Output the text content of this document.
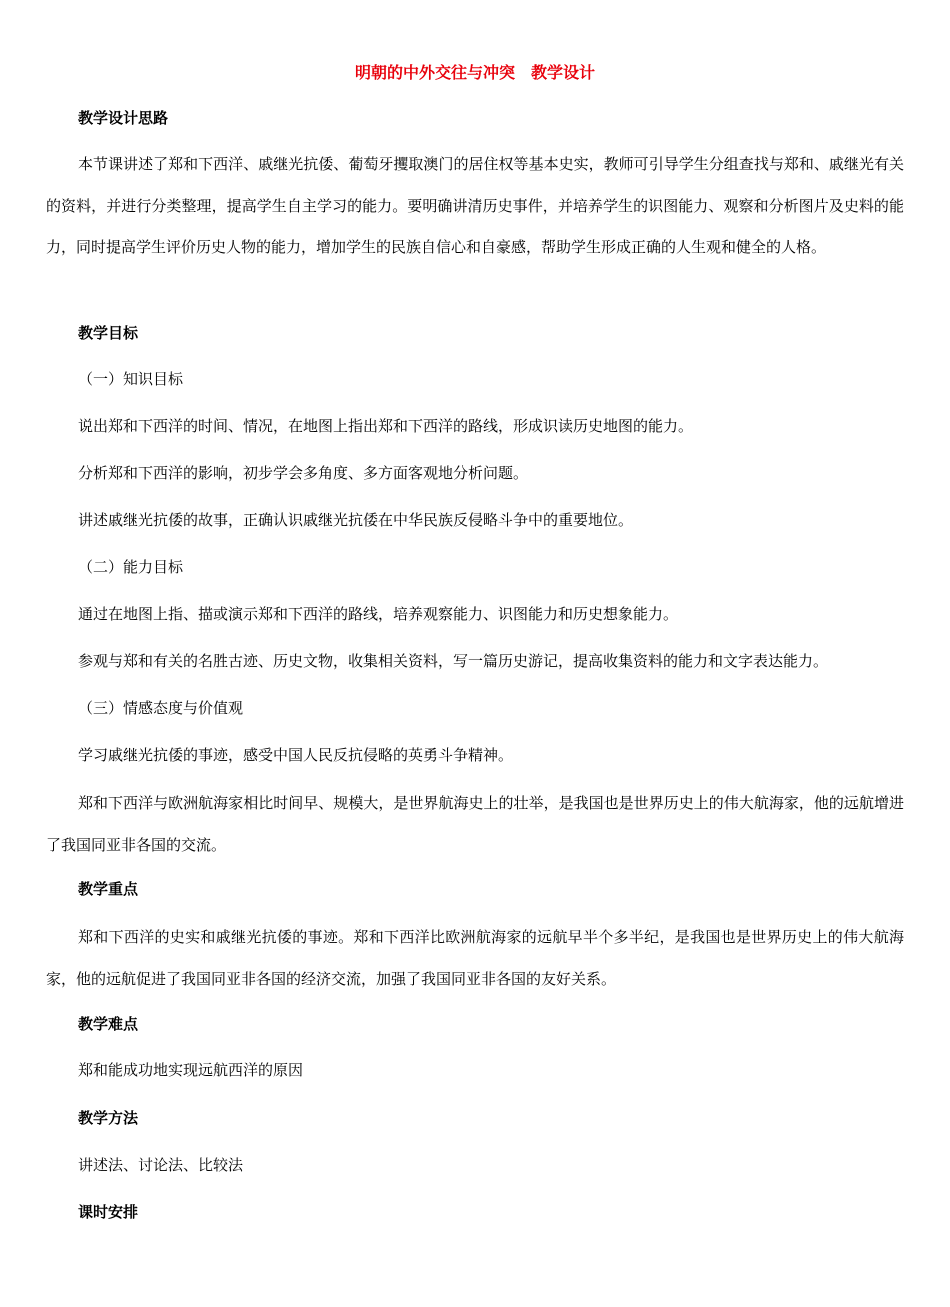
明朝的中外交往与冲突　教学设计
教学设计思路
本节课讲述了郑和下西洋、戚继光抗倭、葡萄牙攫取澳门的居住权等基本史实，教师可引导学生分组查找与郑和、戚继光有关的资料，并进行分类整理，提高学生自主学习的能力。要明确讲清历史事件，并培养学生的识图能力、观察和分析图片及史料的能力，同时提高学生评价历史人物的能力，增加学生的民族自信心和自豪感，帮助学生形成正确的人生观和健全的人格。
教学目标
（一）知识目标
说出郑和下西洋的时间、情况，在地图上指出郑和下西洋的路线，形成识读历史地图的能力。
分析郑和下西洋的影响，初步学会多角度、多方面客观地分析问题。
讲述戚继光抗倭的故事，正确认识戚继光抗倭在中华民族反侵略斗争中的重要地位。
（二）能力目标
通过在地图上指、描或演示郑和下西洋的路线，培养观察能力、识图能力和历史想象能力。
参观与郑和有关的名胜古迹、历史文物，收集相关资料，写一篇历史游记，提高收集资料的能力和文字表达能力。
（三）情感态度与价值观
学习戚继光抗倭的事迹，感受中国人民反抗侵略的英勇斗争精神。
郑和下西洋与欧洲航海家相比时间早、规模大，是世界航海史上的壮举，是我国也是世界历史上的伟大航海家，他的远航增进了我国同亚非各国的交流。
教学重点
郑和下西洋的史实和戚继光抗倭的事迹。郑和下西洋比欧洲航海家的远航早半个多半纪，是我国也是世界历史上的伟大航海家，他的远航促进了我国同亚非各国的经济交流，加强了我国同亚非各国的友好关系。
教学难点
郑和能成功地实现远航西洋的原因
教学方法
讲述法、讨论法、比较法
课时安排
